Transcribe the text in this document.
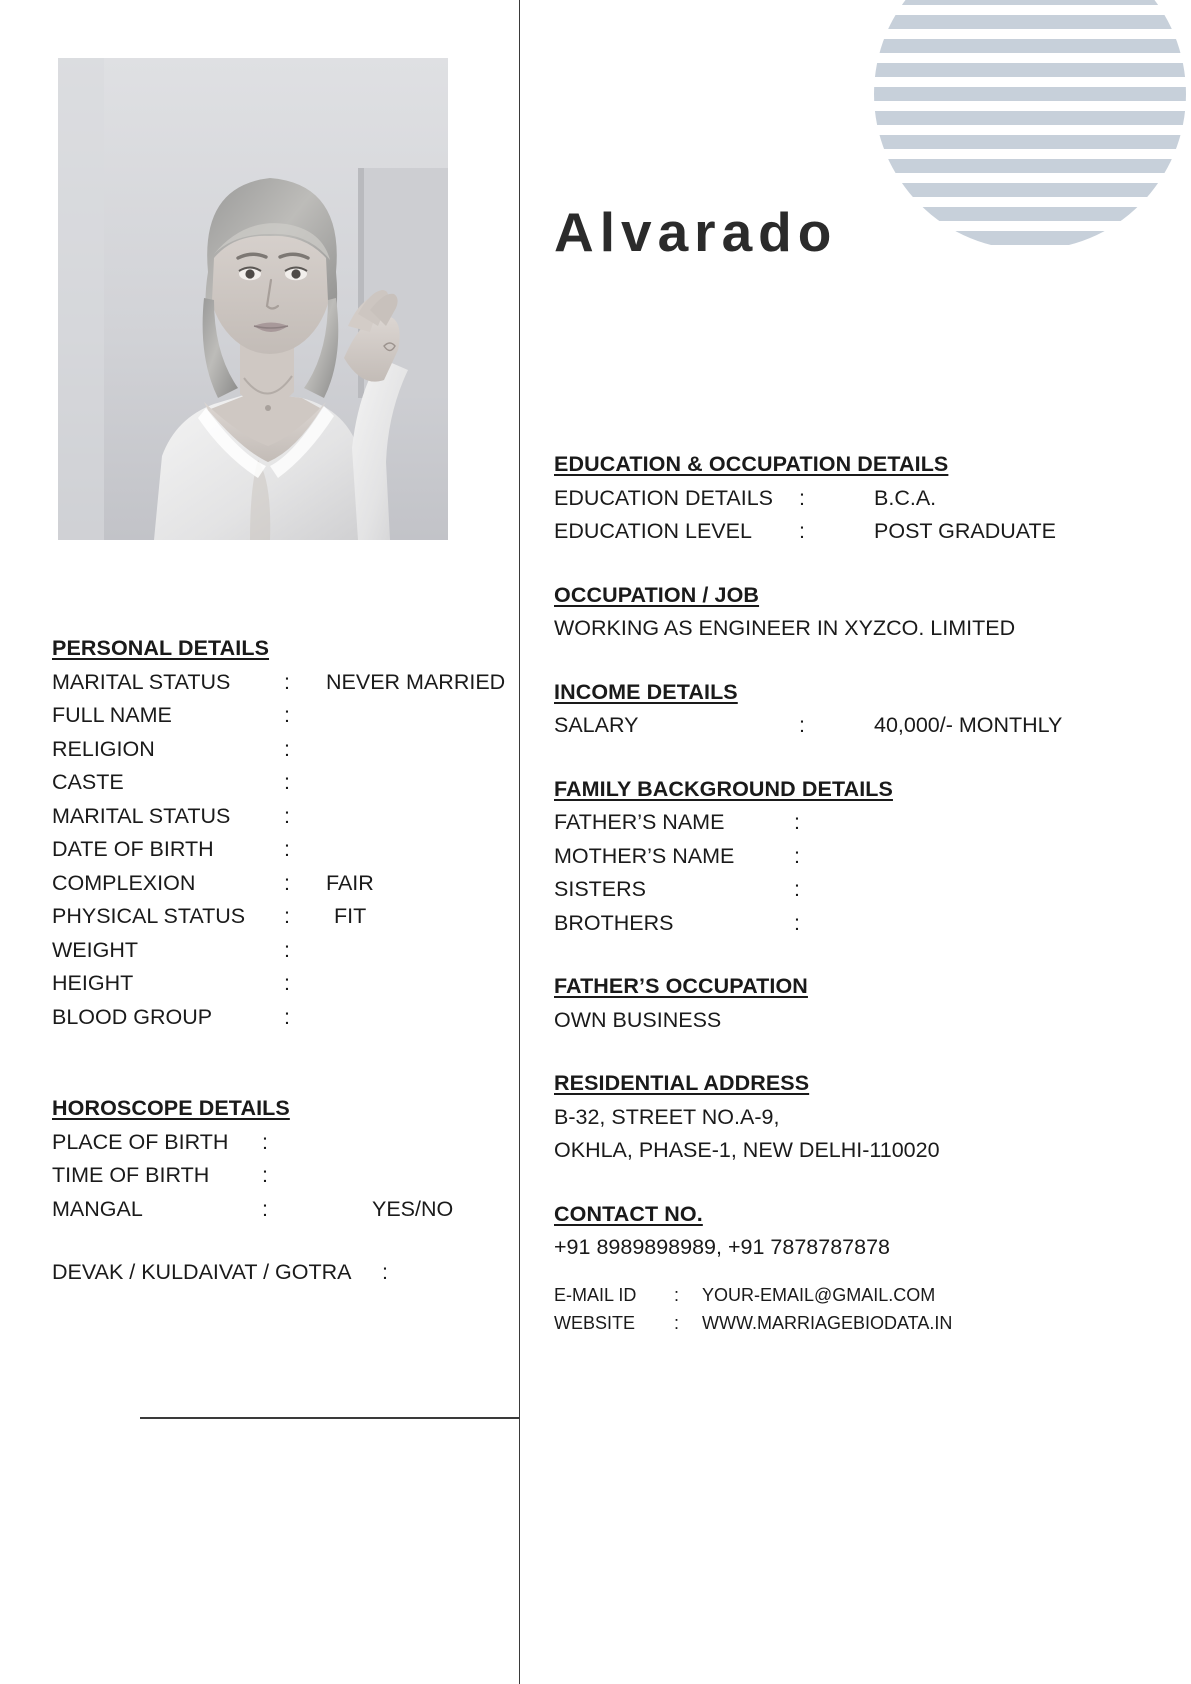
Alvarado
PERSONAL DETAILS
MARITAL STATUS	:	NEVER MARRIED
FULL NAME	:
RELIGION	:
CASTE	:
MARITAL STATUS	:
DATE OF BIRTH	:
COMPLEXION	:	FAIR
PHYSICAL STATUS	:	FIT
WEIGHT	:
HEIGHT	:
BLOOD GROUP	:
HOROSCOPE DETAILS
PLACE OF BIRTH	:
TIME OF BIRTH	:
MANGAL	:	YES/NO
DEVAK / KULDAIVAT / GOTRA	:
EDUCATION & OCCUPATION DETAILS
EDUCATION DETAILS	:	B.C.A.
EDUCATION LEVEL	:	POST GRADUATE
OCCUPATION / JOB
WORKING AS ENGINEER IN XYZCO. LIMITED
INCOME DETAILS
SALARY	:	40,000/- MONTHLY
FAMILY BACKGROUND DETAILS
FATHER’S NAME	:
MOTHER’S NAME	:
SISTERS	:
BROTHERS	:
FATHER’S OCCUPATION
OWN BUSINESS
RESIDENTIAL ADDRESS
B-32, STREET NO.A-9,
OKHLA, PHASE-1, NEW DELHI-110020
CONTACT NO.
+91 8989898989, +91 7878787878
E-MAIL ID	:	YOUR-EMAIL@GMAIL.COM
WEBSITE	:	WWW.MARRIAGEBIODATA.IN
